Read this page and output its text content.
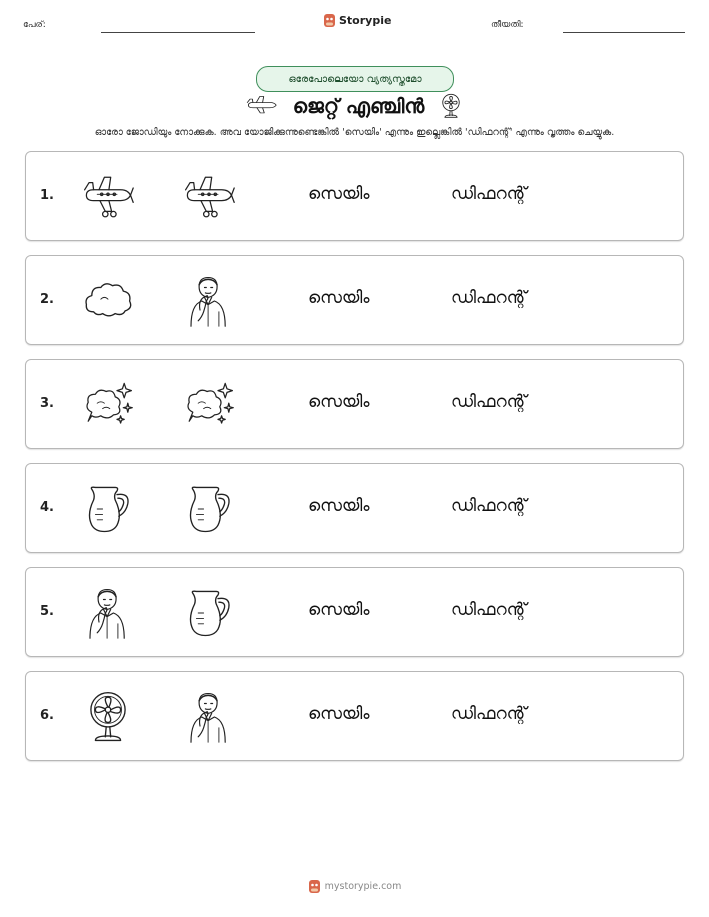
പേര്:	Storypie	തീയതി:
ഒരേപോലെയോ വ്യത്യസ്തമോ
ജെറ്റ് എഞ്ചിൻ
ഓരോ ജോഡിയും നോക്കുക. അവ യോജിക്കുന്നുണ്ടെങ്കിൽ 'സെയിം' എന്നും ഇല്ലെങ്കിൽ 'ഡിഫറന്റ്' എന്നും വൃത്തം ചെയ്യുക.
1.	സെയിം	ഡിഫറന്റ്
2.	സെയിം	ഡിഫറന്റ്
3.	സെയിം	ഡിഫറന്റ്
4.	സെയിം	ഡിഫറന്റ്
5.	സെയിം	ഡിഫറന്റ്
6.	സെയിം	ഡിഫറന്റ്
mystorypie.com
